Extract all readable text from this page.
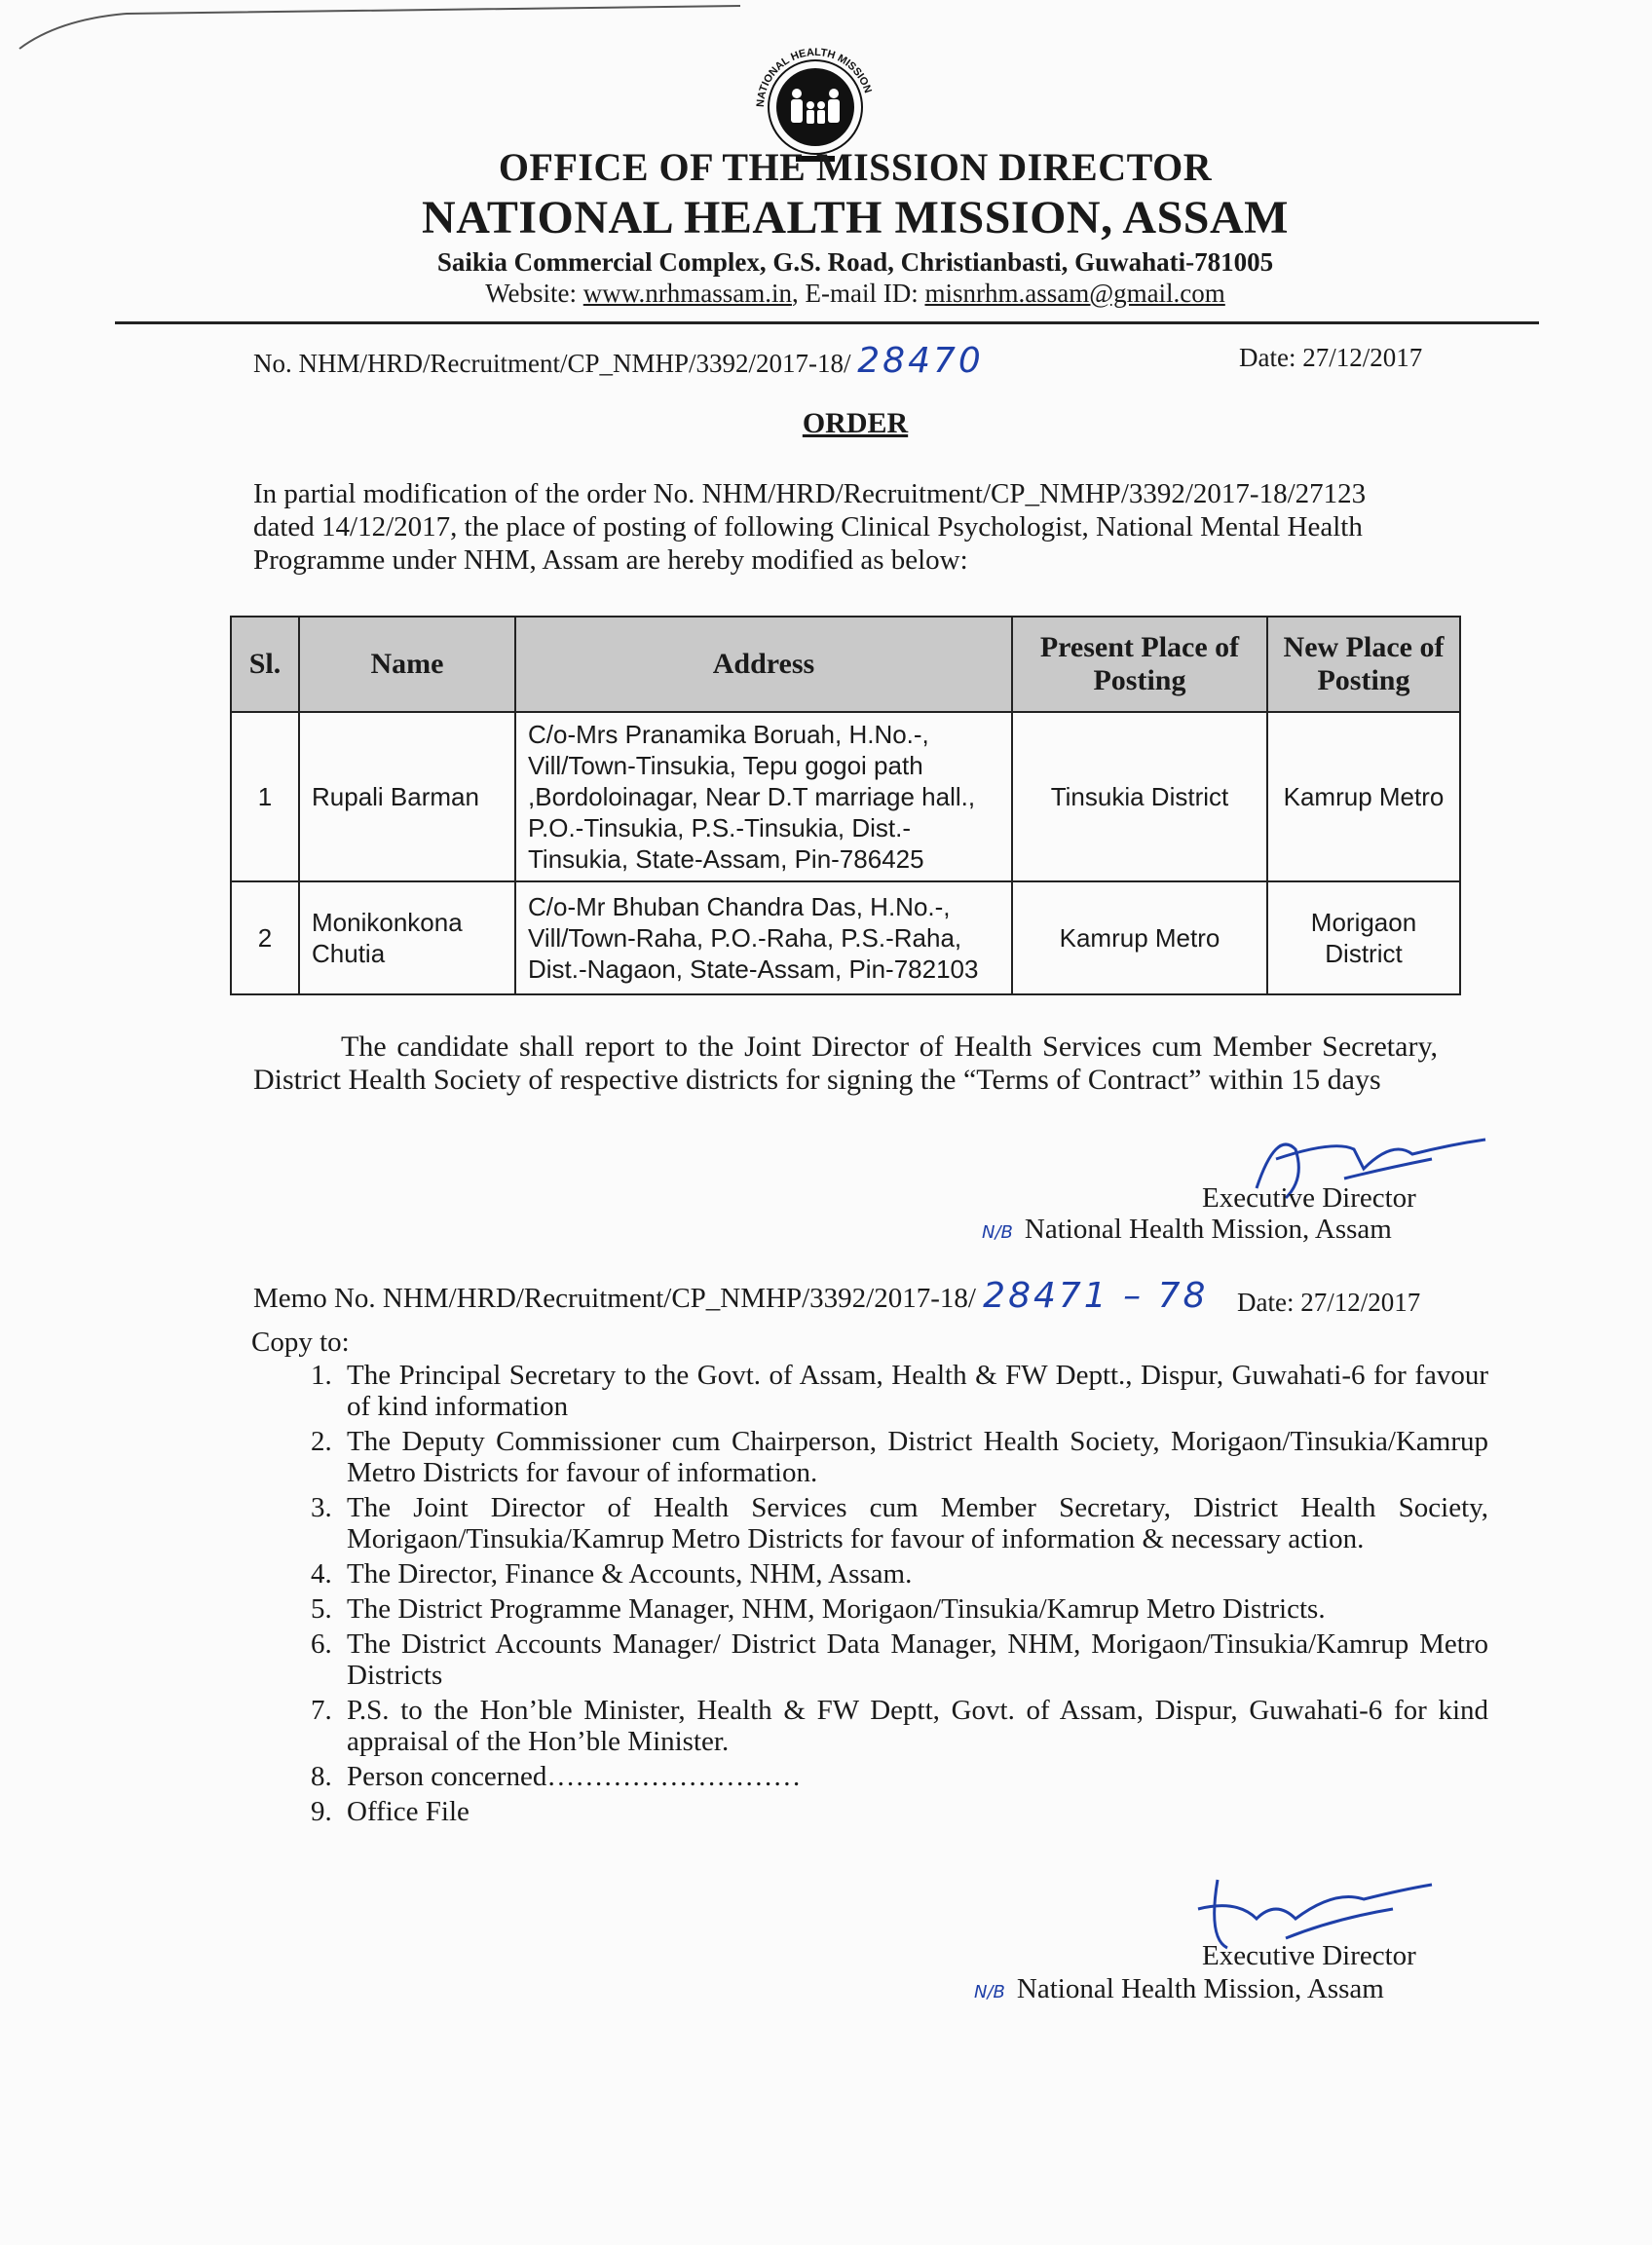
NATIONAL HEALTH MISSION
OFFICE OF THE MISSION DIRECTOR
NATIONAL HEALTH MISSION, ASSAM
Saikia Commercial Complex, G.S. Road, Christianbasti, Guwahati-781005
Website: www.nrhmassam.in, E-mail ID: misnrhm.assam@gmail.com
No. NHM/HRD/Recruitment/CP_NMHP/3392/2017-18/ 28470	Date: 27/12/2017
ORDER
In partial modification of the order No. NHM/HRD/Recruitment/CP_NMHP/3392/2017-18/27123 dated 14/12/2017, the place of posting of following Clinical Psychologist, National Mental Health Programme under NHM, Assam are hereby modified as below:
Sl.	Name	Address	Present Place of Posting	New Place of Posting
1	Rupali Barman	C/o-Mrs Pranamika Boruah, H.No.-, Vill/Town-Tinsukia, Tepu gogoi path ,Bordoloinagar, Near D.T marriage hall., P.O.-Tinsukia, P.S.-Tinsukia, Dist.-Tinsukia, State-Assam, Pin-786425	Tinsukia District	Kamrup Metro
2	Monikonkona Chutia	C/o-Mr Bhuban Chandra Das, H.No.-, Vill/Town-Raha, P.O.-Raha, P.S.-Raha, Dist.-Nagaon, State-Assam, Pin-782103	Kamrup Metro	Morigaon District
The candidate shall report to the Joint Director of Health Services cum Member Secretary, District Health Society of respective districts for signing the “Terms of Contract” within 15 days
Executive Director
N/B National Health Mission, Assam
Memo No. NHM/HRD/Recruitment/CP_NMHP/3392/2017-18/ 28471 – 78 Date: 27/12/2017
Copy to:
1. The Principal Secretary to the Govt. of Assam, Health & FW Deptt., Dispur, Guwahati-6 for favour of kind information
2. The Deputy Commissioner cum Chairperson, District Health Society, Morigaon/Tinsukia/Kamrup Metro Districts for favour of information.
3. The Joint Director of Health Services cum Member Secretary, District Health Society, Morigaon/Tinsukia/Kamrup Metro Districts for favour of information & necessary action.
4. The Director, Finance & Accounts, NHM, Assam.
5. The District Programme Manager, NHM, Morigaon/Tinsukia/Kamrup Metro Districts.
6. The District Accounts Manager/ District Data Manager, NHM, Morigaon/Tinsukia/Kamrup Metro Districts
7. P.S. to the Hon’ble Minister, Health & FW Deptt, Govt. of Assam, Dispur, Guwahati-6 for kind appraisal of the Hon’ble Minister.
8. Person concerned………………………
9. Office File
Executive Director
N/B National Health Mission, Assam
